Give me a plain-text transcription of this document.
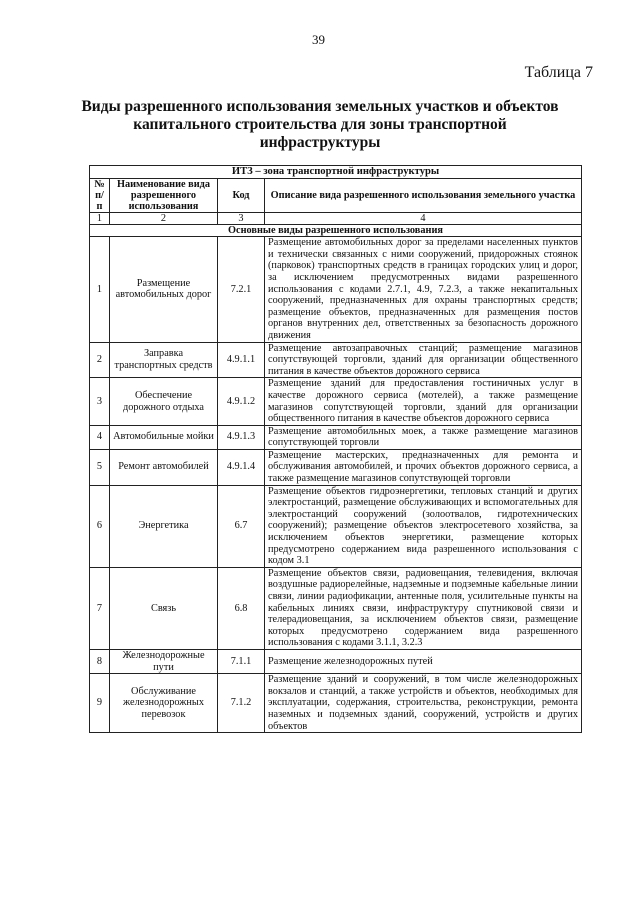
39
Таблица 7
Виды разрешенного использования земельных участков и объектов капитального строительства для зоны транспортной инфраструктуры
ИТЗ – зона транспортной инфраструктуры			
№ п/п	Наименование вида разрешенного использования	Код	Описание вида разрешенного использования земельного участка
1	2	3	4
Основные виды разрешенного использования			
1	Размещение автомобильных дорог	7.2.1	Размещение автомобильных дорог за пределами населенных пунктов и технически связанных с ними сооружений, придорожных стоянок (парковок) транспортных средств в границах городских улиц и дорог, за исключением предусмотренных видами разрешенного использования с кодами 2.7.1, 4.9, 7.2.3, а также некапитальных сооружений, предназначенных для охраны транспортных средств; размещение объектов, предназначенных для размещения постов органов внутренних дел, ответственных за безопасность дорожного движения
2	Заправка транспортных средств	4.9.1.1	Размещение автозаправочных станций; размещение магазинов сопутствующей торговли, зданий для организации общественного питания в качестве объектов дорожного сервиса
3	Обеспечение дорожного отдыха	4.9.1.2	Размещение зданий для предоставления гостиничных услуг в качестве дорожного сервиса (мотелей), а также размещение магазинов сопутствующей торговли, зданий для организации общественного питания в качестве объектов дорожного сервиса
4	Автомобильные мойки	4.9.1.3	Размещение автомобильных моек, а также размещение магазинов сопутствующей торговли
5	Ремонт автомобилей	4.9.1.4	Размещение мастерских, предназначенных для ремонта и обслуживания автомобилей, и прочих объектов дорожного сервиса, а также размещение магазинов сопутствующей торговли
6	Энергетика	6.7	Размещение объектов гидроэнергетики, тепловых станций и других электростанций, размещение обслуживающих и вспомогательных для электростанций сооружений (золоотвалов, гидротехнических сооружений); размещение объектов электросетевого хозяйства, за исключением объектов энергетики, размещение которых предусмотрено содержанием вида разрешенного использования с кодом 3.1
7	Связь	6.8	Размещение объектов связи, радиовещания, телевидения, включая воздушные радиорелейные, надземные и подземные кабельные линии связи, линии радиофикации, антенные поля, усилительные пункты на кабельных линиях связи, инфраструктуру спутниковой связи и телерадиовещания, за исключением объектов связи, размещение которых предусмотрено содержанием вида разрешенного использования с кодами 3.1.1, 3.2.3
8	Железнодорожные пути	7.1.1	Размещение железнодорожных путей
9	Обслуживание железнодорожных перевозок	7.1.2	Размещение зданий и сооружений, в том числе железнодорожных вокзалов и станций, а также устройств и объектов, необходимых для эксплуатации, содержания, строительства, реконструкции, ремонта наземных и подземных зданий, сооружений, устройств и других объектов
